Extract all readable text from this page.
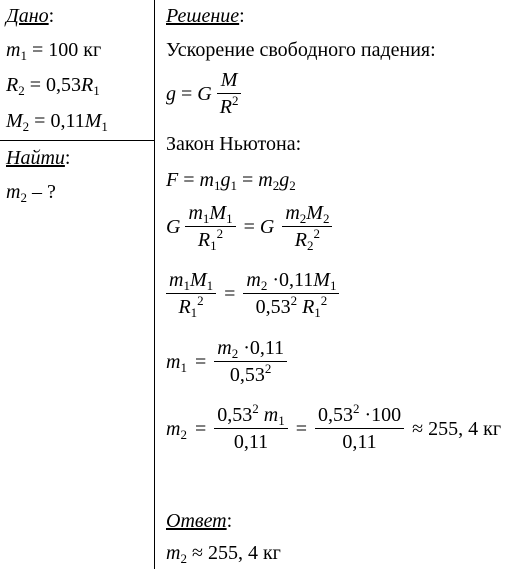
Дано:
$m_1 = 100$ кг
$R_2 = 0,53R_1$
$M_2 = 0,11M_1$
Найти:
$m_2$ – ?
Решение:
Ускорение свободного падения:
g = G $\frac{M}{R^2}$
Закон Ньютона:
$F = m_1g_1 = m_2g_2$
G $\frac{m_1M_1}{R_1^2} = G \frac{m_2M_2}{R_2^2}$
$\frac{m_1M_1}{R_1^2} = \frac{m_2 \cdot 0,11M_1}{0,53^2 R_1^2}$
$m_1 = \frac{m_2 \cdot 0,11}{0,53^2}$
$m_2 = \frac{0,53^2 m_1}{0,11} = \frac{0,53^2 \cdot 100}{0,11} \approx 255$, 4 кг
Ответ:
$m_2 \approx 255$, 4 кг
